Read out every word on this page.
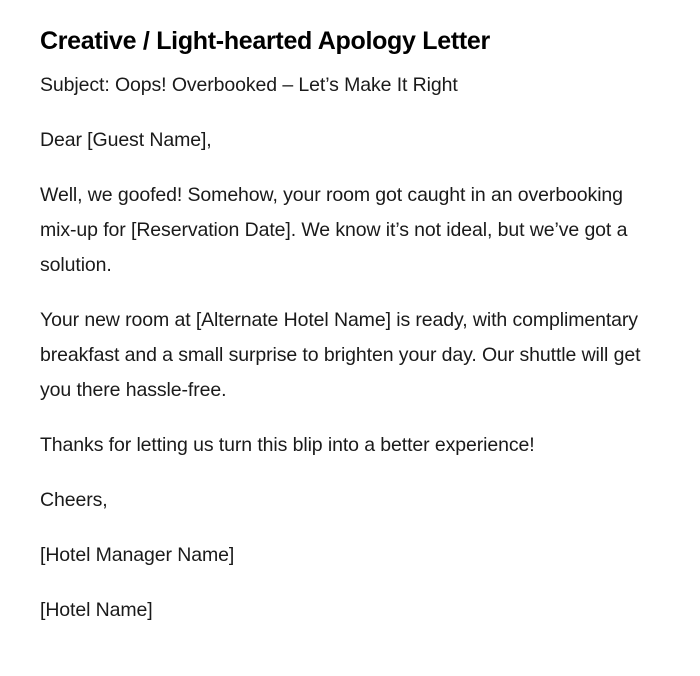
Creative / Light-hearted Apology Letter

Subject: Oops! Overbooked – Let’s Make It Right

Dear [Guest Name],

Well, we goofed! Somehow, your room got caught in an overbooking mix-up for [Reservation Date]. We know it’s not ideal, but we’ve got a solution.

Your new room at [Alternate Hotel Name] is ready, with complimentary breakfast and a small surprise to brighten your day. Our shuttle will get you there hassle-free.

Thanks for letting us turn this blip into a better experience!

Cheers,

[Hotel Manager Name]

[Hotel Name]
